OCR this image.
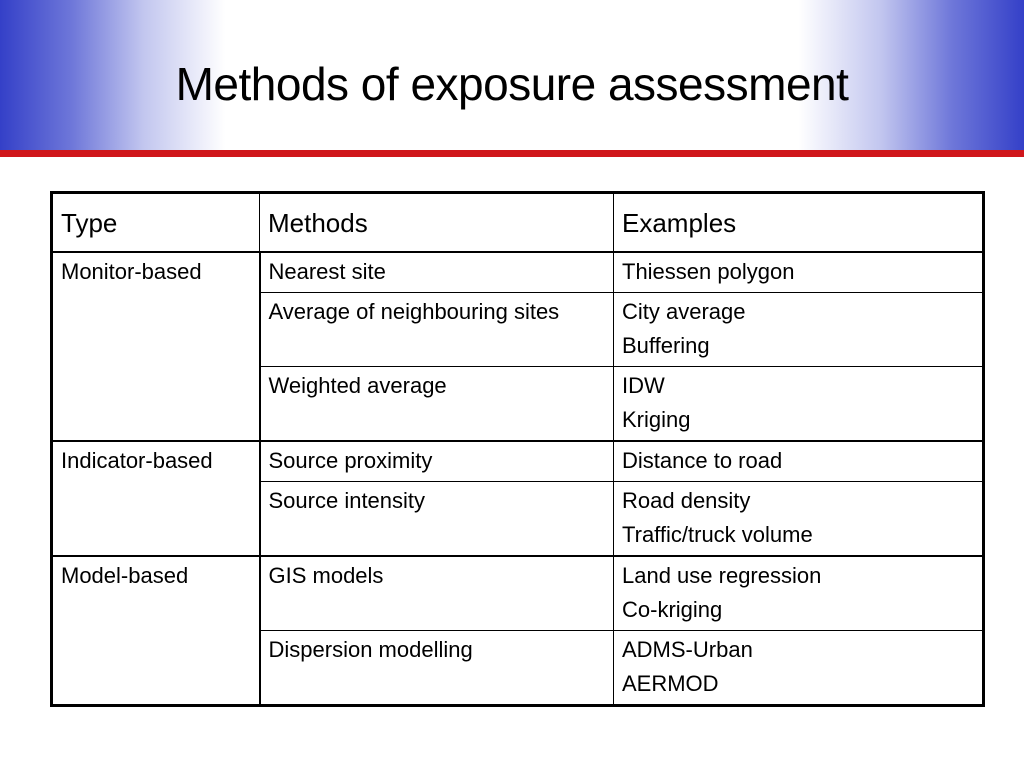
Methods of exposure assessment
Type	Methods	Examples
Monitor-based	Nearest site	Thiessen polygon

	Average of neighbouring sites	City average
Buffering

	Weighted average	IDW
Kriging

Indicator-based	Source proximity	Distance to road

	Source intensity	Road density
Traffic/truck volume

Model-based	GIS models	Land use regression
Co-kriging

	Dispersion modelling	ADMS-Urban
AERMOD
